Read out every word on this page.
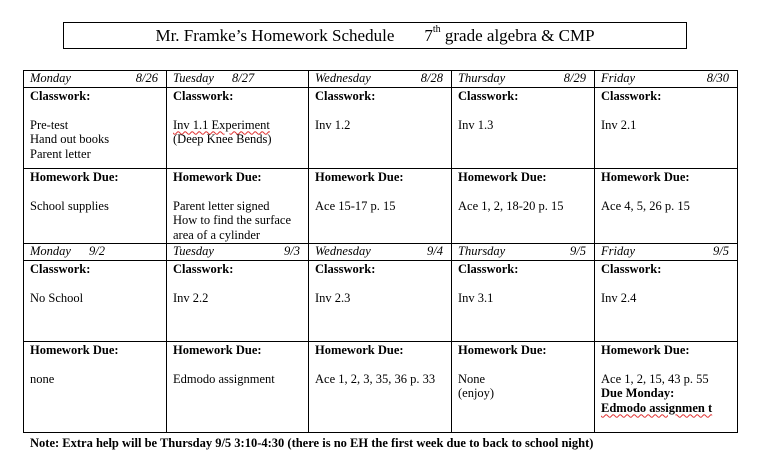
Mr. Framke’s Homework Schedule 7th grade algebra & CMP
Monday 8/26	Tuesday 8/27	Wednesday 8/28	Thursday 8/29	Friday 8/30

Classwork:
Pre-test
Hand out books
Parent letter	Classwork:
Inv 1.1 Experiment
(Deep Knee Bends)	Classwork:
Inv 1.2	Classwork:
Inv 1.3	Classwork:
Inv 2.1

Homework Due:
School supplies	Homework Due:
Parent letter signed
How to find the surface
area of a cylinder	Homework Due:
Ace 15-17 p. 15	Homework Due:
Ace 1, 2, 18-20 p. 15	Homework Due:
Ace 4, 5, 26 p. 15

Monday 9/2	Tuesday 9/3	Wednesday 9/4	Thursday 9/5	Friday 9/5

Classwork:
No School	Classwork:
Inv 2.2	Classwork:
Inv 2.3	Classwork:
Inv 3.1	Classwork:
Inv 2.4

Homework Due:
none	Homework Due:
Edmodo assignment	Homework Due:
Ace 1, 2, 3, 35, 36 p. 33	Homework Due:
None
(enjoy)	Homework Due:
Ace 1, 2, 15, 43 p. 55
Due Monday:
Edmodo assignmen t
Note: Extra help will be Thursday 9/5 3:10-4:30 (there is no EH the first week due to back to school night)
